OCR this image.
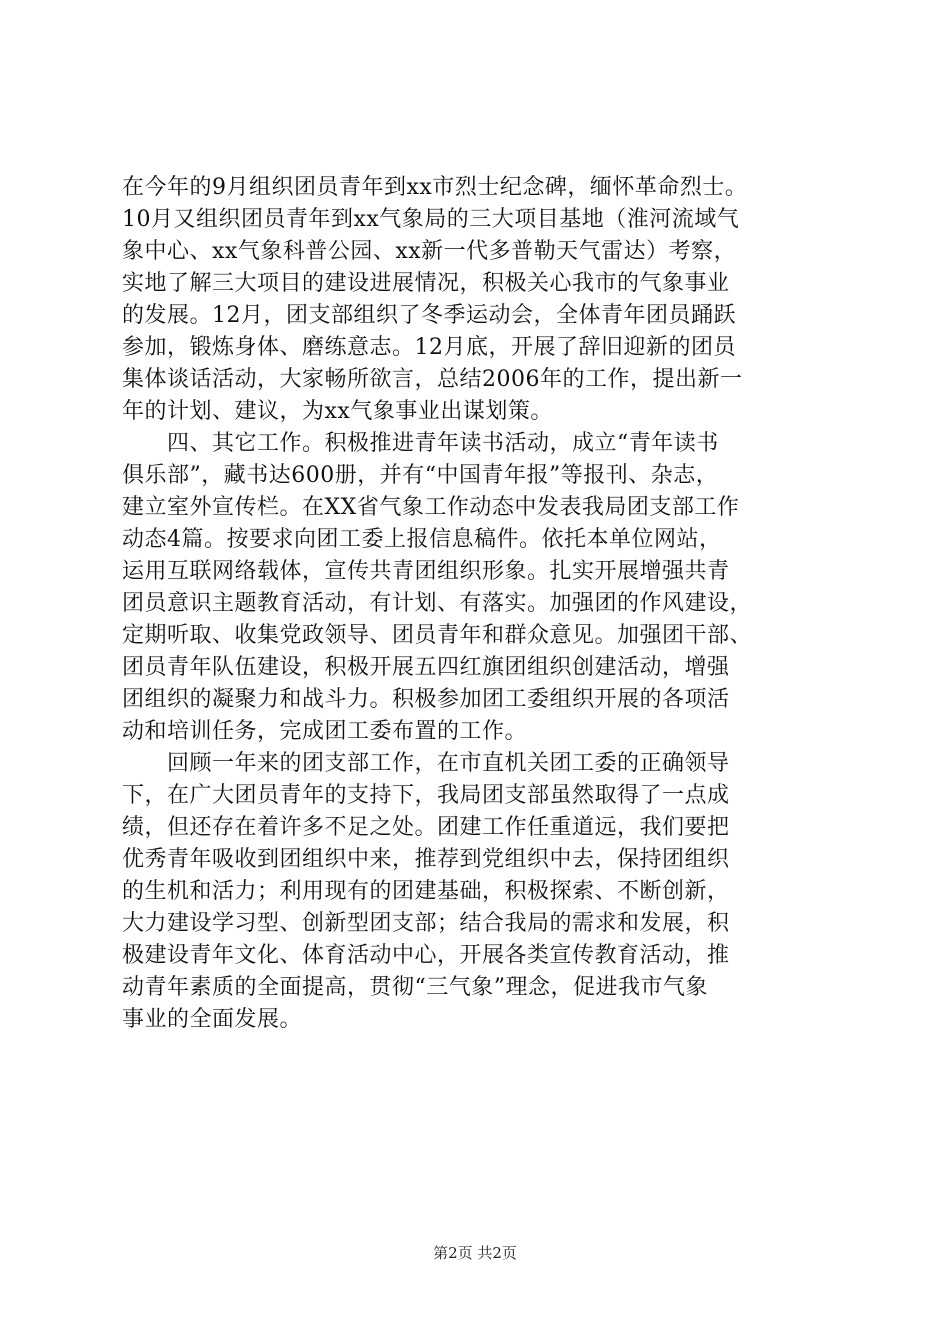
在今年的9月组织团员青年到xx市烈士纪念碑，缅怀革命烈士。
10月又组织团员青年到xx气象局的三大项目基地（淮河流域气
象中心、xx气象科普公园、xx新一代多普勒天气雷达）考察，
实地了解三大项目的建设进展情况，积极关心我市的气象事业
的发展。12月，团支部组织了冬季运动会，全体青年团员踊跃
参加，锻炼身体、磨练意志。12月底，开展了辞旧迎新的团员
集体谈话活动，大家畅所欲言，总结2006年的工作，提出新一
年的计划、建议，为xx气象事业出谋划策。
　　四、其它工作。积极推进青年读书活动，成立“青年读书
俱乐部”，藏书达600册，并有“中国青年报”等报刊、杂志，
建立室外宣传栏。在XX省气象工作动态中发表我局团支部工作
动态4篇。按要求向团工委上报信息稿件。依托本单位网站，
运用互联网络载体，宣传共青团组织形象。扎实开展增强共青
团员意识主题教育活动，有计划、有落实。加强团的作风建设，
定期听取、收集党政领导、团员青年和群众意见。加强团干部、
团员青年队伍建设，积极开展五四红旗团组织创建活动，增强
团组织的凝聚力和战斗力。积极参加团工委组织开展的各项活
动和培训任务，完成团工委布置的工作。
　　回顾一年来的团支部工作，在市直机关团工委的正确领导
下，在广大团员青年的支持下，我局团支部虽然取得了一点成
绩，但还存在着许多不足之处。团建工作任重道远，我们要把
优秀青年吸收到团组织中来，推荐到党组织中去，保持团组织
的生机和活力；利用现有的团建基础，积极探索、不断创新，
大力建设学习型、创新型团支部；结合我局的需求和发展，积
极建设青年文化、体育活动中心，开展各类宣传教育活动，推
动青年素质的全面提高，贯彻“三气象”理念，促进我市气象
事业的全面发展。
第2页 共2页
